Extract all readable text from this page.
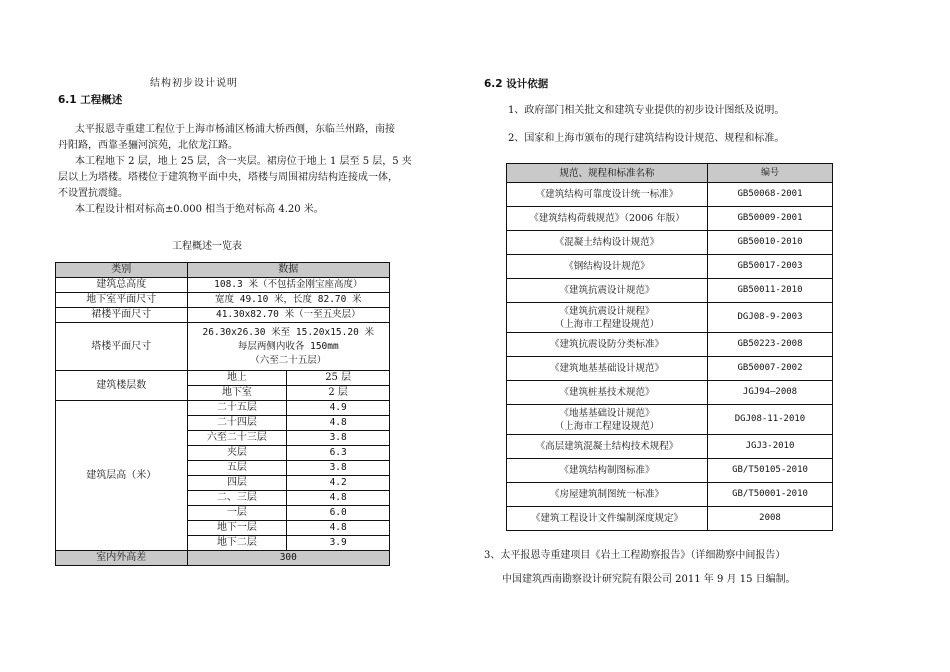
结构初步设计说明
6.1 工程概述
太平报恩寺重建工程位于上海市杨浦区杨浦大桥西侧，东临兰州路，南接
丹阳路，西靠圣骊河滨苑，北依龙江路。
本工程地下 2 层，地上 25 层，含一夹层。裙房位于地上 1 层至 5 层，5 夹
层以上为塔楼。塔楼位于建筑物平面中央，塔楼与周围裙房结构连接成一体，
不设置抗震缝。
本工程设计相对标高±0.000 相当于绝对标高 4.20 米。
工程概述一览表
类别	数据	
建筑总高度	108.3 米（不包括金刚宝座高度）	
地下室平面尺寸	宽度 49.10 米，长度 82.70 米	
裙楼平面尺寸	41.30x82.70 米（一至五夹层）	
塔楼平面尺寸	26.30x26.30 米至 15.20x15.20 米
每层两侧内收各 150mm
（六至二十五层）	

建筑楼层数	地上	25 层
	地下室	2 层
建筑层高（米）	二十五层	4.9
	二十四层	4.8
	六至二十三层	3.8
	夹层	6.3
	五层	3.8
	四层	4.2
	二、三层	4.8
	一层	6.0
	地下一层	4.8
	地下二层	3.9
室内外高差	300	
6.2 设计依据
1、政府部门相关批文和建筑专业提供的初步设计图纸及说明。
2、国家和上海市颁布的现行建筑结构设计规范、规程和标准。
规范、规程和标准名称	编号

《建筑结构可靠度设计统一标准》	GB50068-2001

《建筑结构荷载规范》（2006 年版）	GB50009-2001

《混凝土结构设计规范》	GB50010-2010

《钢结构设计规范》	GB50017-2003

《建筑抗震设计规范》	GB50011-2010

《建筑抗震设计规程》
（上海市工程建设规范）	DGJ08-9-2003

《建筑抗震设防分类标准》	GB50223-2008

《建筑地基基础设计规范》	GB50007-2002

《建筑桩基技术规范》	JGJ94—2008

《地基基础设计规范》
（上海市工程建设规范）	DGJ08-11-2010

《高层建筑混凝土结构技术规程》	JGJ3-2010

《建筑结构制图标准》	GB/T50105-2010

《房屋建筑制图统一标准》	GB/T50001-2010

《建筑工程设计文件编制深度规定》	2008
3、太平报恩寺重建项目《岩土工程勘察报告》（详细勘察中间报告）
中国建筑西南勘察设计研究院有限公司 2011 年 9 月 15 日编制。
